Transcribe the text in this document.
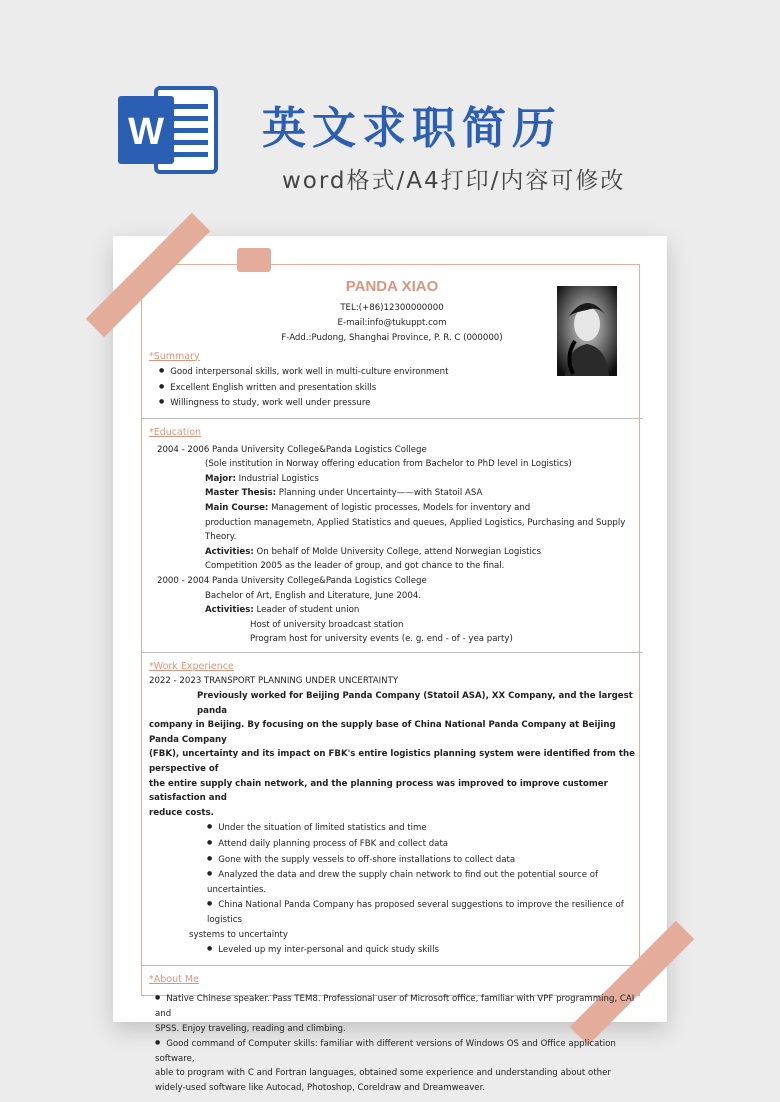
W 英文求职简历
word格式/A4打印/内容可修改
PANDA XIAO
TEL:(+86)12300000000
E-mail:info@tukuppt.com
F-Add.:Pudong, Shanghai Province, P. R. C (000000)
*Summary
● Good interpersonal skills, work well in multi-culture environment
● Excellent English written and presentation skills
● Willingness to study, work well under pressure
*Education
2004 - 2006 Panda University College&Panda Logistics College
(Sole institution in Norway offering education from Bachelor to PhD level in Logistics)
Major: Industrial Logistics
Master Thesis: Planning under Uncertainty——with Statoil ASA
Main Course: Management of logistic processes, Models for inventory and
production managemetn, Applied Statistics and queues, Applied Logistics, Purchasing and Supply Theory.
Activities: On behalf of Molde University College, attend Norwegian Logistics
Competition 2005 as the leader of group, and got chance to the final.
2000 - 2004 Panda University College&Panda Logistics College
Bachelor of Art, English and Literature, June 2004.
Activities: Leader of student union
Host of university broadcast station
Program host for university events (e. g. end - of - yea party)
*Work Experience
2022 - 2023 TRANSPORT PLANNING UNDER UNCERTAINTY
Previously worked for Beijing Panda Company (Statoil ASA), XX Company, and the largest panda
company in Beijing. By focusing on the supply base of China National Panda Company at Beijing Panda Company
(FBK), uncertainty and its impact on FBK's entire logistics planning system were identified from the perspective of
the entire supply chain network, and the planning process was improved to improve customer satisfaction and
reduce costs.
● Under the situation of limited statistics and time
● Attend daily planning process of FBK and collect data
● Gone with the supply vessels to off-shore installations to collect data
● Analyzed the data and drew the supply chain network to find out the potential source of uncertainties.
● China National Panda Company has proposed several suggestions to improve the resilience of logistics
systems to uncertainty
● Leveled up my inter-personal and quick study skills
*About Me
● Native Chinese speaker. Pass TEM8. Professional user of Microsoft office, familiar with VPF programming, CAI and
SPSS. Enjoy traveling, reading and climbing.
● Good command of Computer skills: familiar with different versions of Windows OS and Office application software,
able to program with C and Fortran languages, obtained some experience and understanding about other
widely-used software like Autocad, Photoshop, Coreldraw and Dreamweaver.
